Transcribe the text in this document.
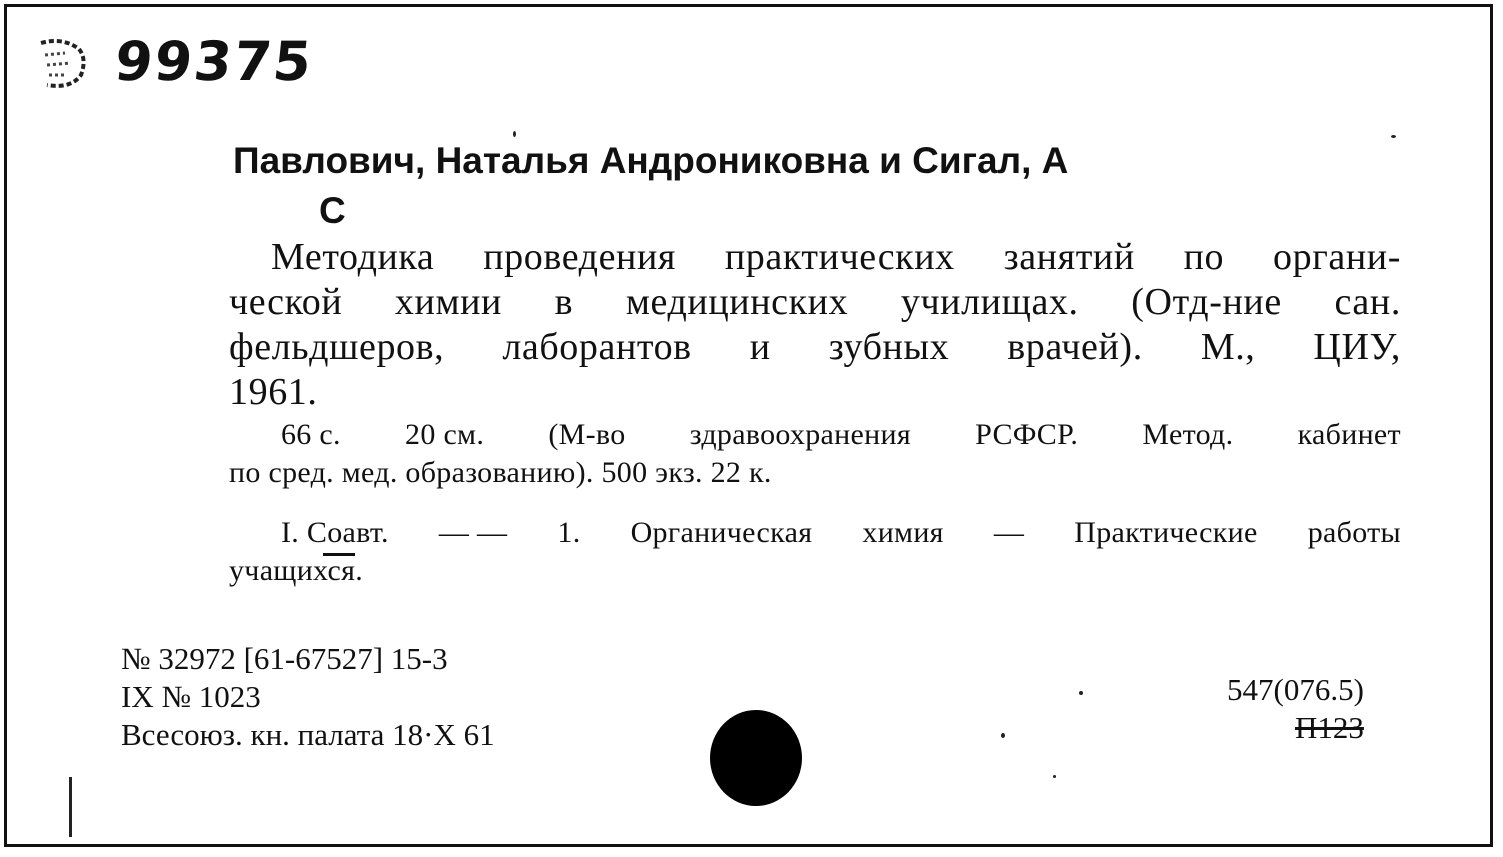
99375
Павлович, Наталья Андрониковна и Сигал, А
С
Методика проведения практических занятий по органи-
ческой химии в медицинских училищах. (Отд-ние сан.
фельдшеров, лаборантов и зубных врачей). М., ЦИУ,
1961.
66 с. 20 см. (М-во здравоохранения РСФСР. Метод. кабинет
по сред. мед. образованию). 500 экз. 22 к.
I. Соавт. — — 1. Органическая химия — Практические работы
учащихся.
№ 32972 [61-67527] 15-3
IX № 1023
Всесоюз. кн. палата 18·X 61
547(076.5)
П123
